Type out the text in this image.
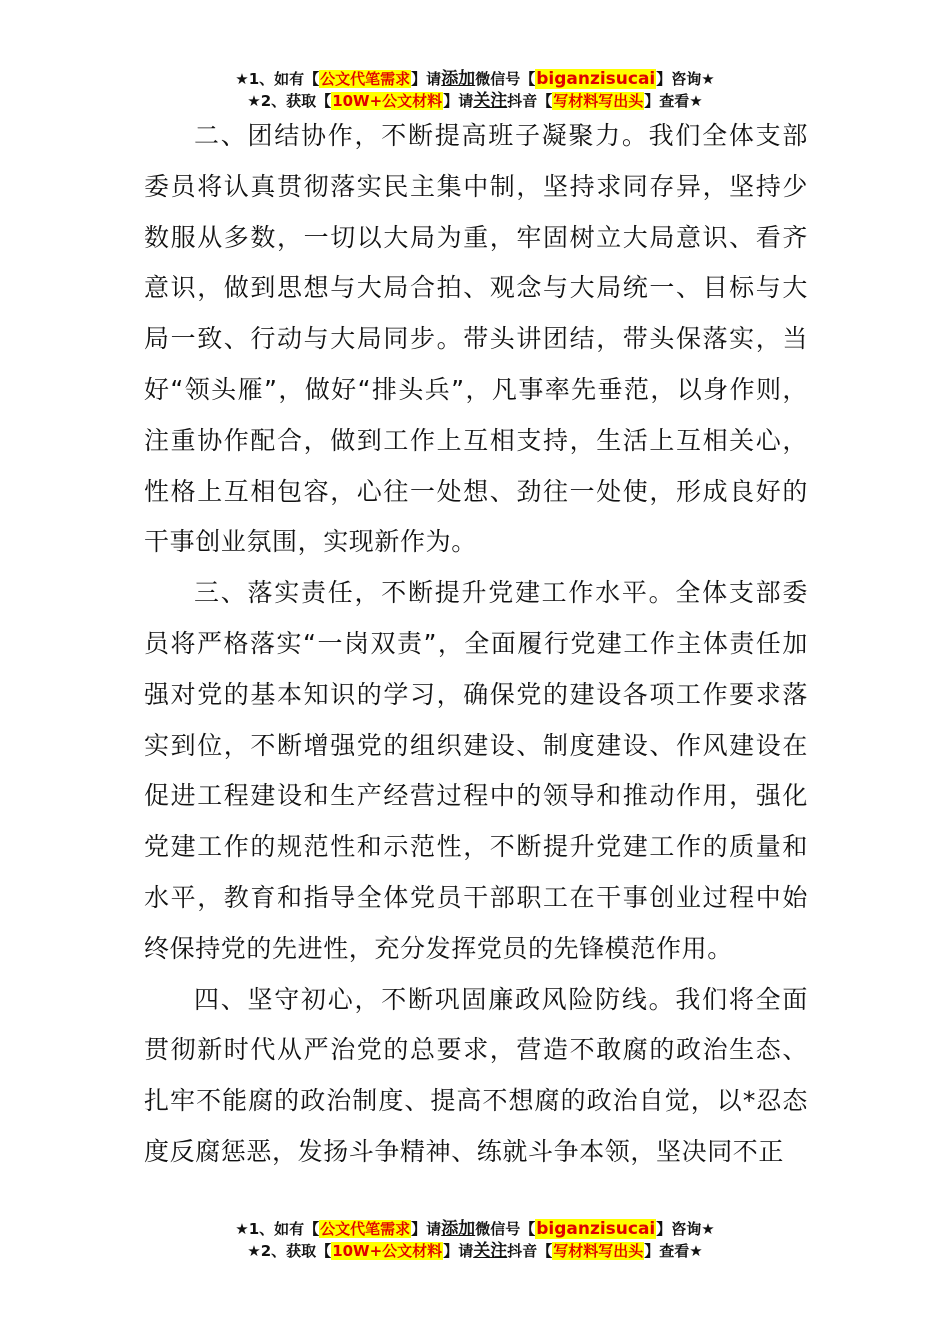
★1、如有【公文代笔需求】请添加微信号【biganzisucai】咨询★
★2、获取【10W+公文材料】请关注抖音【写材料写出头】查看★

二、团结协作，不断提高班子凝聚力。我们全体支部委员将认真贯彻落实民主集中制，坚持求同存异，坚持少数服从多数，一切以大局为重，牢固树立大局意识、看齐意识，做到思想与大局合拍、观念与大局统一、目标与大局一致、行动与大局同步。带头讲团结，带头保落实，当好“领头雁”，做好“排头兵”，凡事率先垂范，以身作则，注重协作配合，做到工作上互相支持，生活上互相关心，性格上互相包容，心往一处想、劲往一处使，形成良好的干事创业氛围，实现新作为。

三、落实责任，不断提升党建工作水平。全体支部委员将严格落实“一岗双责”，全面履行党建工作主体责任加强对党的基本知识的学习，确保党的建设各项工作要求落实到位，不断增强党的组织建设、制度建设、作风建设在促进工程建设和生产经营过程中的领导和推动作用，强化党建工作的规范性和示范性，不断提升党建工作的质量和水平，教育和指导全体党员干部职工在干事创业过程中始终保持党的先进性，充分发挥党员的先锋模范作用。

四、坚守初心，不断巩固廉政风险防线。我们将全面贯彻新时代从严治党的总要求，营造不敢腐的政治生态、扎牢不能腐的政治制度、提高不想腐的政治自觉，以*忍态度反腐惩恶，发扬斗争精神、练就斗争本领，坚决同不正

★1、如有【公文代笔需求】请添加微信号【biganzisucai】咨询★
★2、获取【10W+公文材料】请关注抖音【写材料写出头】查看★
